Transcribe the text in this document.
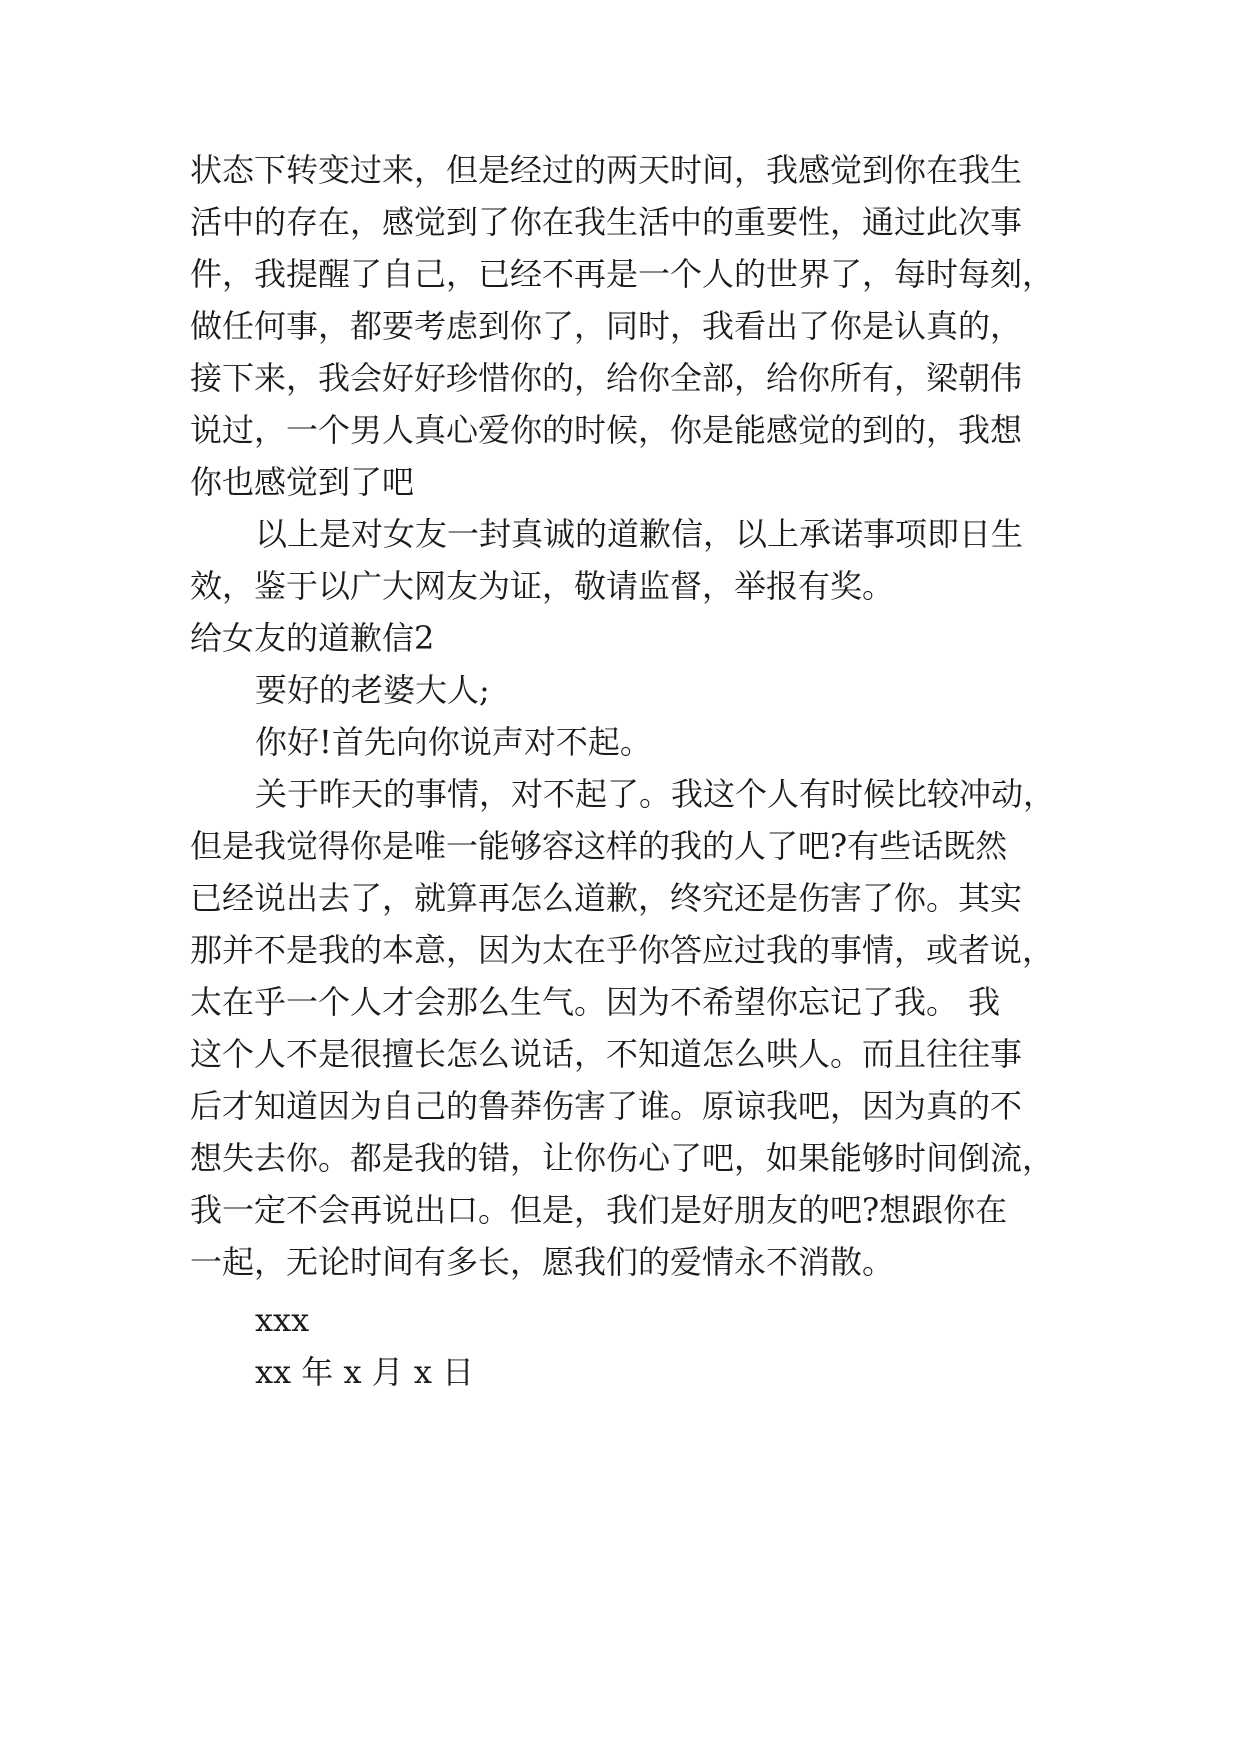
状态下转变过来，但是经过的两天时间，我感觉到你在我生
活中的存在，感觉到了你在我生活中的重要性，通过此次事
件，我提醒了自己，已经不再是一个人的世界了，每时每刻，
做任何事，都要考虑到你了，同时，我看出了你是认真的，
接下来，我会好好珍惜你的，给你全部，给你所有，梁朝伟
说过，一个男人真心爱你的时候，你是能感觉的到的，我想
你也感觉到了吧
以上是对女友一封真诚的道歉信，以上承诺事项即日生
效，鉴于以广大网友为证，敬请监督，举报有奖。
给女友的道歉信2
要好的老婆大人;
你好!首先向你说声对不起。
关于昨天的事情，对不起了。我这个人有时候比较冲动，
但是我觉得你是唯一能够容这样的我的人了吧?有些话既然
已经说出去了，就算再怎么道歉，终究还是伤害了你。其实
那并不是我的本意，因为太在乎你答应过我的事情，或者说，
太在乎一个人才会那么生气。因为不希望你忘记了我。 我
这个人不是很擅长怎么说话，不知道怎么哄人。而且往往事
后才知道因为自己的鲁莽伤害了谁。原谅我吧，因为真的不
想失去你。都是我的错，让你伤心了吧，如果能够时间倒流，
我一定不会再说出口。但是，我们是好朋友的吧?想跟你在
一起，无论时间有多长，愿我们的爱情永不消散。
xxx
xx 年 x 月 x 日
